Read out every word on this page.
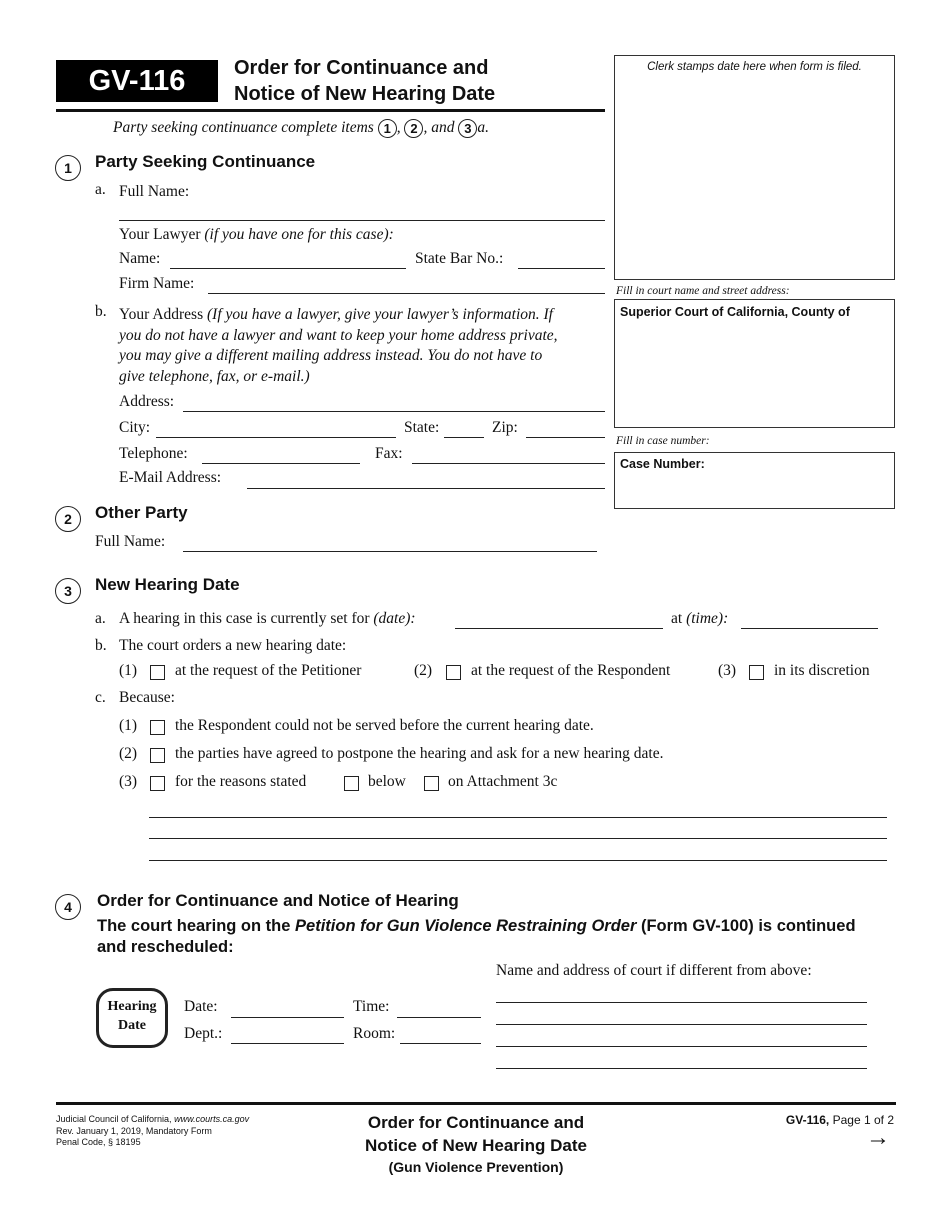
GV-116	Order for Continuance and
Notice of New Hearing Date
Party seeking continuance complete items 1 , 2 , and 3 a.
Clerk stamps date here when form is filed.
Fill in court name and street address:
Superior Court of California, County of
Fill in case number:
Case Number:
1	Party Seeking Continuance
a. Full Name:
Your Lawyer (if you have one for this case):
Name:	State Bar No.:
Firm Name:
b. Your Address (If you have a lawyer, give your lawyer’s information. If
you do not have a lawyer and want to keep your home address private,
you may give a different mailing address instead. You do not have to
give telephone, fax, or e-mail.)
Address:
City:	State:	Zip:
Telephone:	Fax:
E-Mail Address:
2	Other Party
Full Name:
3	New Hearing Date
a. A hearing in this case is currently set for (date):	at (time):
b. The court orders a new hearing date:
(1) at the request of the Petitioner	(2)	at the request of the Respondent	(3) in its discretion
c. Because:
(1) the Respondent could not be served before the current hearing date.
(2) the parties have agreed to postpone the hearing and ask for a new hearing date.
(3) for the reasons stated	below	on Attachment 3c
4	Order for Continuance and Notice of Hearing
The court hearing on the Petition for Gun Violence Restraining Order (Form GV-100) is continued
and rescheduled:
Name and address of court if different from above:
Hearing
Date
Date:	Time:
Dept.:	Room:
Judicial Council of California, www.courts.ca.gov
Rev. January 1, 2019, Mandatory Form
Penal Code, § 18195
Order for Continuance and
Notice of New Hearing Date
(Gun Violence Prevention)
GV-116, Page 1 of 2
→
